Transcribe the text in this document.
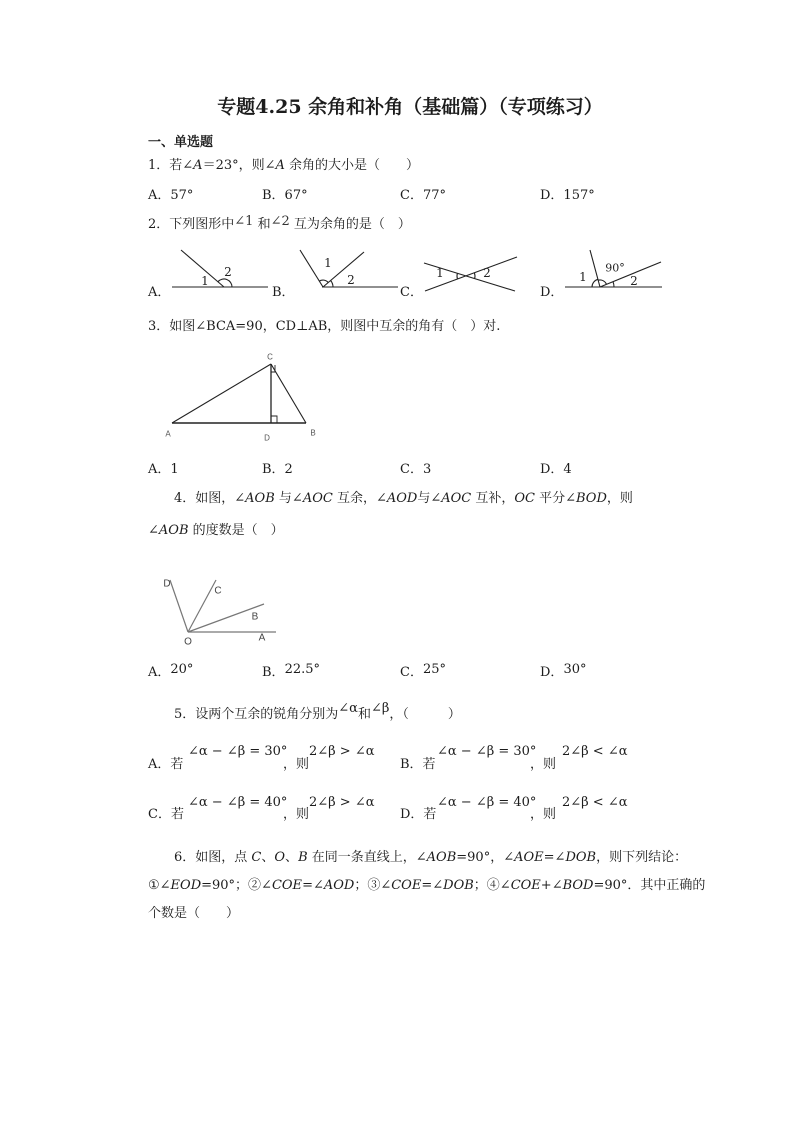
专题4.25 余角和补角（基础篇）（专项练习）
一、单选题
1．若∠A＝23°，则∠A 余角的大小是（　　）
A．57°	B．67°	C．77°	D．157°
2．下列图形中∠1 和∠2 互为余角的是（　）
1
2
1
2	1	2	1
90°
2
A．	B．	C．	D．
3．如图∠BCA=90，CD⊥AB，则图中互余的角有（　）对.
C
A	D
B
A．1	B．2	C．3	D．4
4．如图，∠AOB 与∠AOC 互余，∠AOD与∠AOC 互补，OC 平分∠BOD，则
∠AOB 的度数是（　）
D
C
B
O	A
A．20°	B．22.5°	C．25°	D．30°
5．设两个互余的锐角分别为∠α和∠β，（　　　）
A．若
∠α − ∠β = 30°
，则
2∠β > ∠α
B．若
∠α − ∠β = 30°
，则
2∠β < ∠α
C．若
∠α − ∠β = 40°
，则
2∠β > ∠α
D．若
∠α − ∠β = 40°
，则
2∠β < ∠α
6．如图，点 C、O、B 在同一条直线上，∠AOB=90°，∠AOE=∠DOB，则下列结论：
①∠EOD=90°；②∠COE=∠AOD；③∠COE=∠DOB；④∠COE+∠BOD=90°．其中正确的
个数是（　　）
